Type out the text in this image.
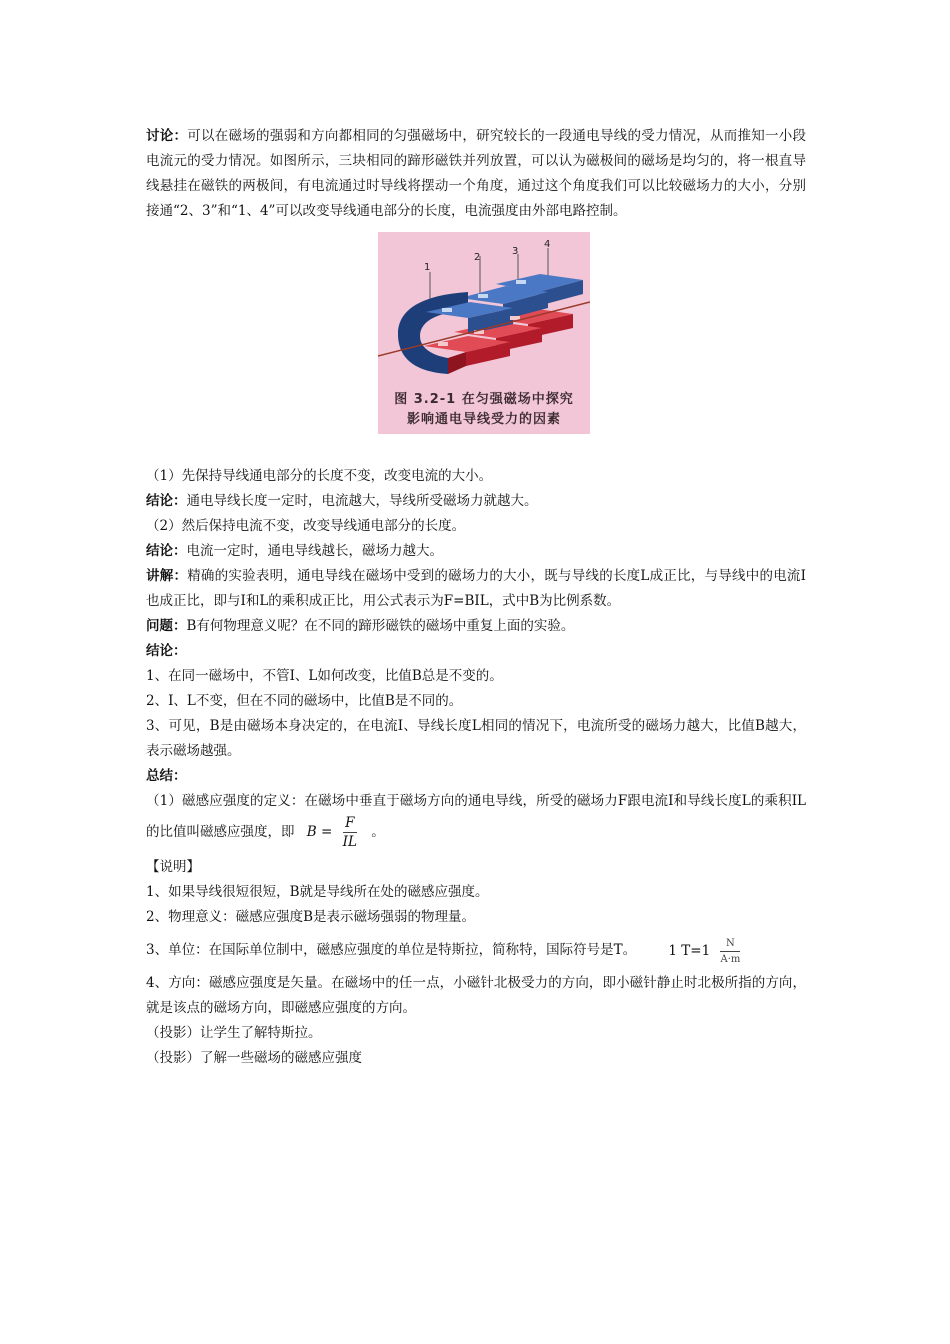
讨论：可以在磁场的强弱和方向都相同的匀强磁场中，研究较长的一段通电导线的受力情况，从而推知一小段电流元的受力情况。如图所示，三块相同的蹄形磁铁并列放置，可以认为磁极间的磁场是均匀的，将一根直导线悬挂在磁铁的两极间，有电流通过时导线将摆动一个角度，通过这个角度我们可以比较磁场力的大小，分别接通“2、3”和“1、4”可以改变导线通电部分的长度，电流强度由外部电路控制。

1
2
3
4
图 3.2-1 在匀强磁场中探究
影响通电导线受力的因素

（1）先保持导线通电部分的长度不变，改变电流的大小。

结论：通电导线长度一定时，电流越大，导线所受磁场力就越大。

（2）然后保持电流不变，改变导线通电部分的长度。

结论：电流一定时，通电导线越长，磁场力越大。

讲解：精确的实验表明，通电导线在磁场中受到的磁场力的大小，既与导线的长度L成正比，与导线中的电流I也成正比，即与I和L的乘积成正比，用公式表示为F=BIL，式中B为比例系数。

问题：B有何物理意义呢？在不同的蹄形磁铁的磁场中重复上面的实验。

结论：

1、在同一磁场中，不管I、L如何改变，比值B总是不变的。

2、I、L不变，但在不同的磁场中，比值B是不同的。

3、可见，B是由磁场本身决定的，在电流I、导线长度L相同的情况下，电流所受的磁场力越大，比值B越大，表示磁场越强。

总结：

（1）磁感应强度的定义：在磁场中垂直于磁场方向的通电导线，所受的磁场力F跟电流I和导线长度L的乘积IL的比值叫磁感应强度，即 $B = \frac{F}{IL}$ 。

【说明】

1、如果导线很短很短，B就是导线所在处的磁感应强度。

2、物理意义：磁感应强度B是表示磁场强弱的物理量。

3、单位：在国际单位制中，磁感应强度的单位是特斯拉，简称特，国际符号是T。 1 $T=1 \frac{N}{A\cdot m}$

4、方向：磁感应强度是矢量。在磁场中的任一点，小磁针北极受力的方向，即小磁针静止时北极所指的方向，就是该点的磁场方向，即磁感应强度的方向。

（投影）让学生了解特斯拉。

（投影）了解一些磁场的磁感应强度
